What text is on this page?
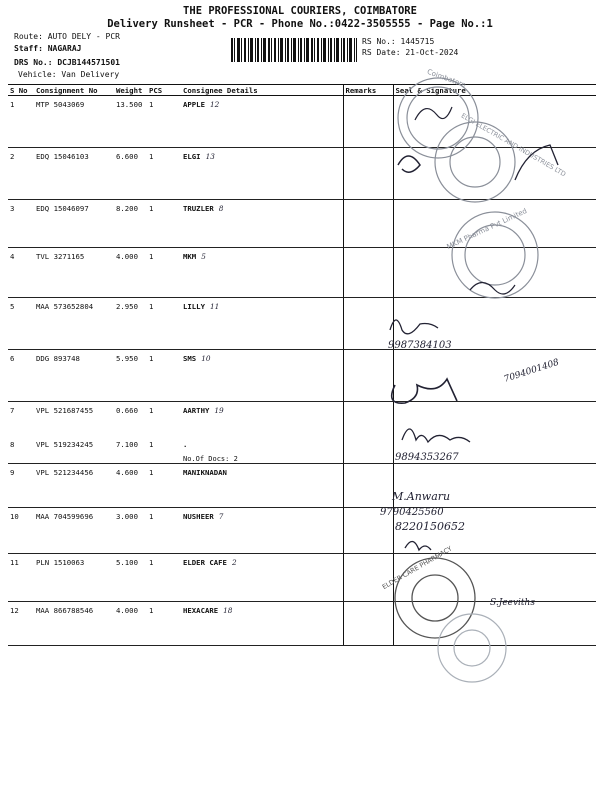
THE PROFESSIONAL COURIERS, COIMBATORE
Delivery Runsheet - PCR - Phone No.:0422-3505555 - Page No.:1
Route: AUTO DELY - PCR
Staff: NAGARAJ
DRS No.: DCJB144571501
Vehicle: Van Delivery
RS No.: 1445715
RS Date: 21-Oct-2024
S No	Consignment No	Weight	PCS	Consignee Details	Remarks	Seal & Signature
1	MTP 5043069	13.500	1	APPLE 12		
2	EDQ 15046103	6.600	1	ELGI 13		
3	EDQ 15046097	8.200	1	TRUZLER 8		
4	TVL 3271165	4.000	1	MKM 5		
5	MAA 573652804	2.950	1	LILLY 11		
6	DDG 893748	5.950	1	SMS 10		
7	VPL 521687455	0.660	1	AARTHY 19		
8	VPL 519234245	7.100	1	.
No.Of Docs: 2		

9	VPL 521234456	4.600	1	MANIKNADAN		
10	MAA 704599696	3.000	1	NUSHEER 7		
11	PLN 1510063	5.100	1	ELDER CAFE 2		
12	MAA 866788546	4.000	1	HEXACARE 18		
Coimbatore
ELGI ELECTRIC AND INDUSTRIES LTD
MKM Pharma Pvt Limited
9987384103
7094001408
9894353267
M.Anwaru
9790425560
8220150652
ELDER CARE PHARMACY
S.Jeeviths
